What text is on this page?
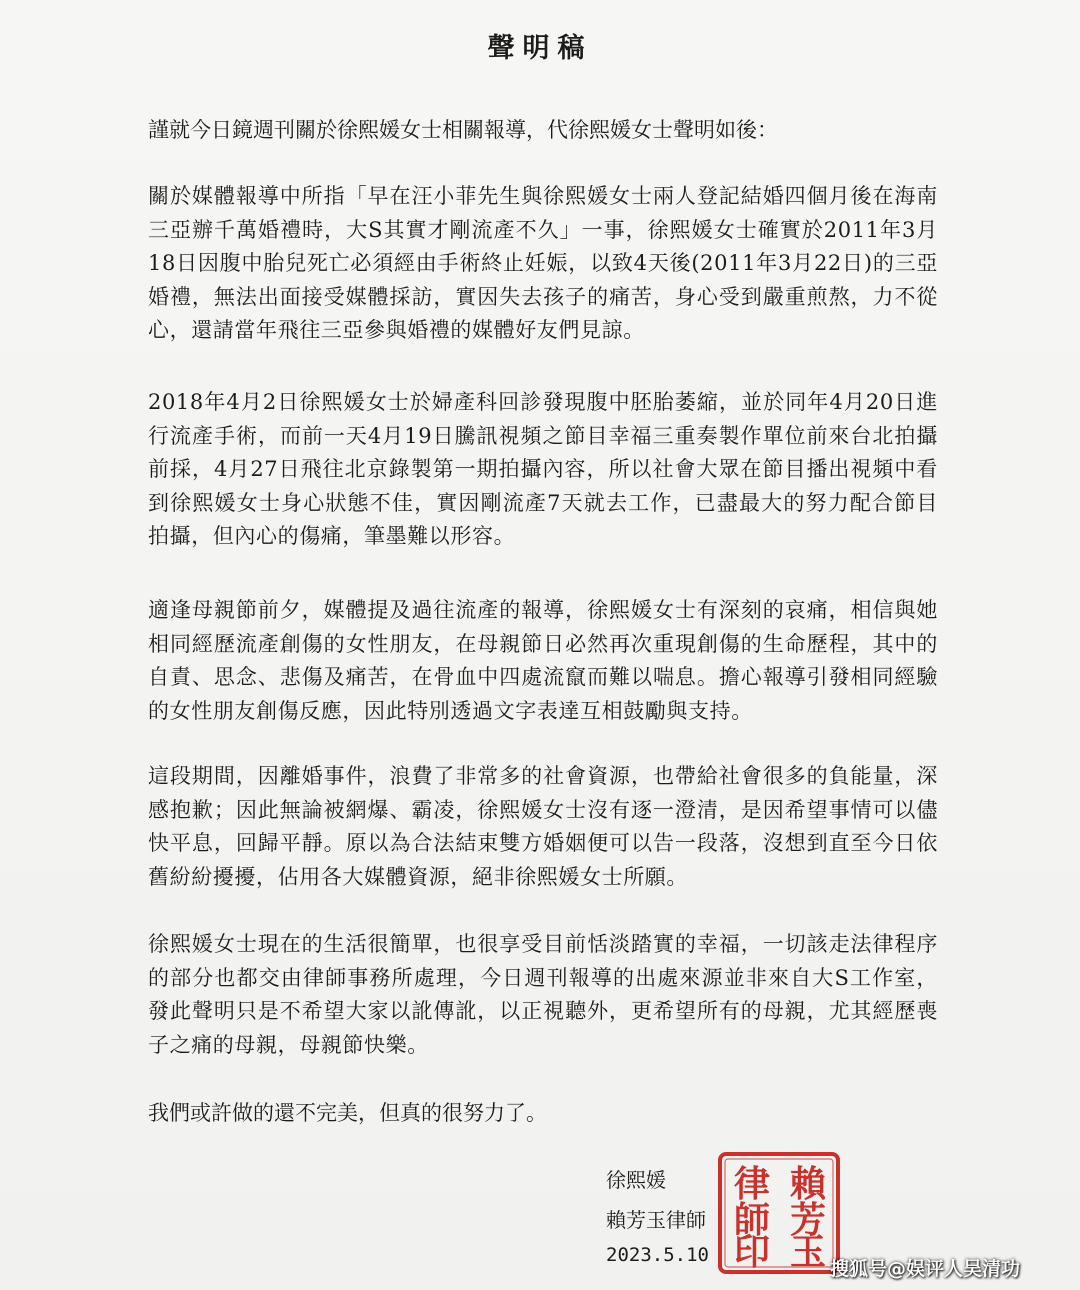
聲明稿
謹就今日鏡週刊關於徐熙媛女士相關報導，代徐熙媛女士聲明如後：
關於媒體報導中所指「早在汪小菲先生與徐熙媛女士兩人登記結婚四個月後在海南三亞辦千萬婚禮時，大S其實才剛流產不久」一事，徐熙媛女士確實於2011年3月18日因腹中胎兒死亡必須經由手術終止妊娠，以致4天後(2011年3月22日)的三亞婚禮，無法出面接受媒體採訪，實因失去孩子的痛苦，身心受到嚴重煎熬，力不從心，還請當年飛往三亞參與婚禮的媒體好友們見諒。
2018年4月2日徐熙媛女士於婦產科回診發現腹中胚胎萎縮，並於同年4月20日進行流產手術，而前一天4月19日騰訊視頻之節目幸福三重奏製作單位前來台北拍攝前採，4月27日飛往北京錄製第一期拍攝內容，所以社會大眾在節目播出視頻中看到徐熙媛女士身心狀態不佳，實因剛流產7天就去工作，已盡最大的努力配合節目拍攝，但內心的傷痛，筆墨難以形容。
適逢母親節前夕，媒體提及過往流產的報導，徐熙媛女士有深刻的哀痛，相信與她相同經歷流產創傷的女性朋友，在母親節日必然再次重現創傷的生命歷程，其中的自責、思念、悲傷及痛苦，在骨血中四處流竄而難以喘息。擔心報導引發相同經驗的女性朋友創傷反應，因此特別透過文字表達互相鼓勵與支持。
這段期間，因離婚事件，浪費了非常多的社會資源，也帶給社會很多的負能量，深感抱歉；因此無論被網爆、霸凌，徐熙媛女士沒有逐一澄清，是因希望事情可以儘快平息，回歸平靜。原以為合法結束雙方婚姻便可以告一段落，沒想到直至今日依舊紛紛擾擾，佔用各大媒體資源，絕非徐熙媛女士所願。
徐熙媛女士現在的生活很簡單，也很享受目前恬淡踏實的幸福，一切該走法律程序的部分也都交由律師事務所處理，今日週刊報導的出處來源並非來自大S工作室，發此聲明只是不希望大家以訛傳訛，以正視聽外，更希望所有的母親，尤其經歷喪子之痛的母親，母親節快樂。
我們或許做的還不完美，但真的很努力了。
徐熙媛
賴芳玉律師
2023.5.10
賴
芳
玉
律
師
印	搜狐号@娱评人吴清功
